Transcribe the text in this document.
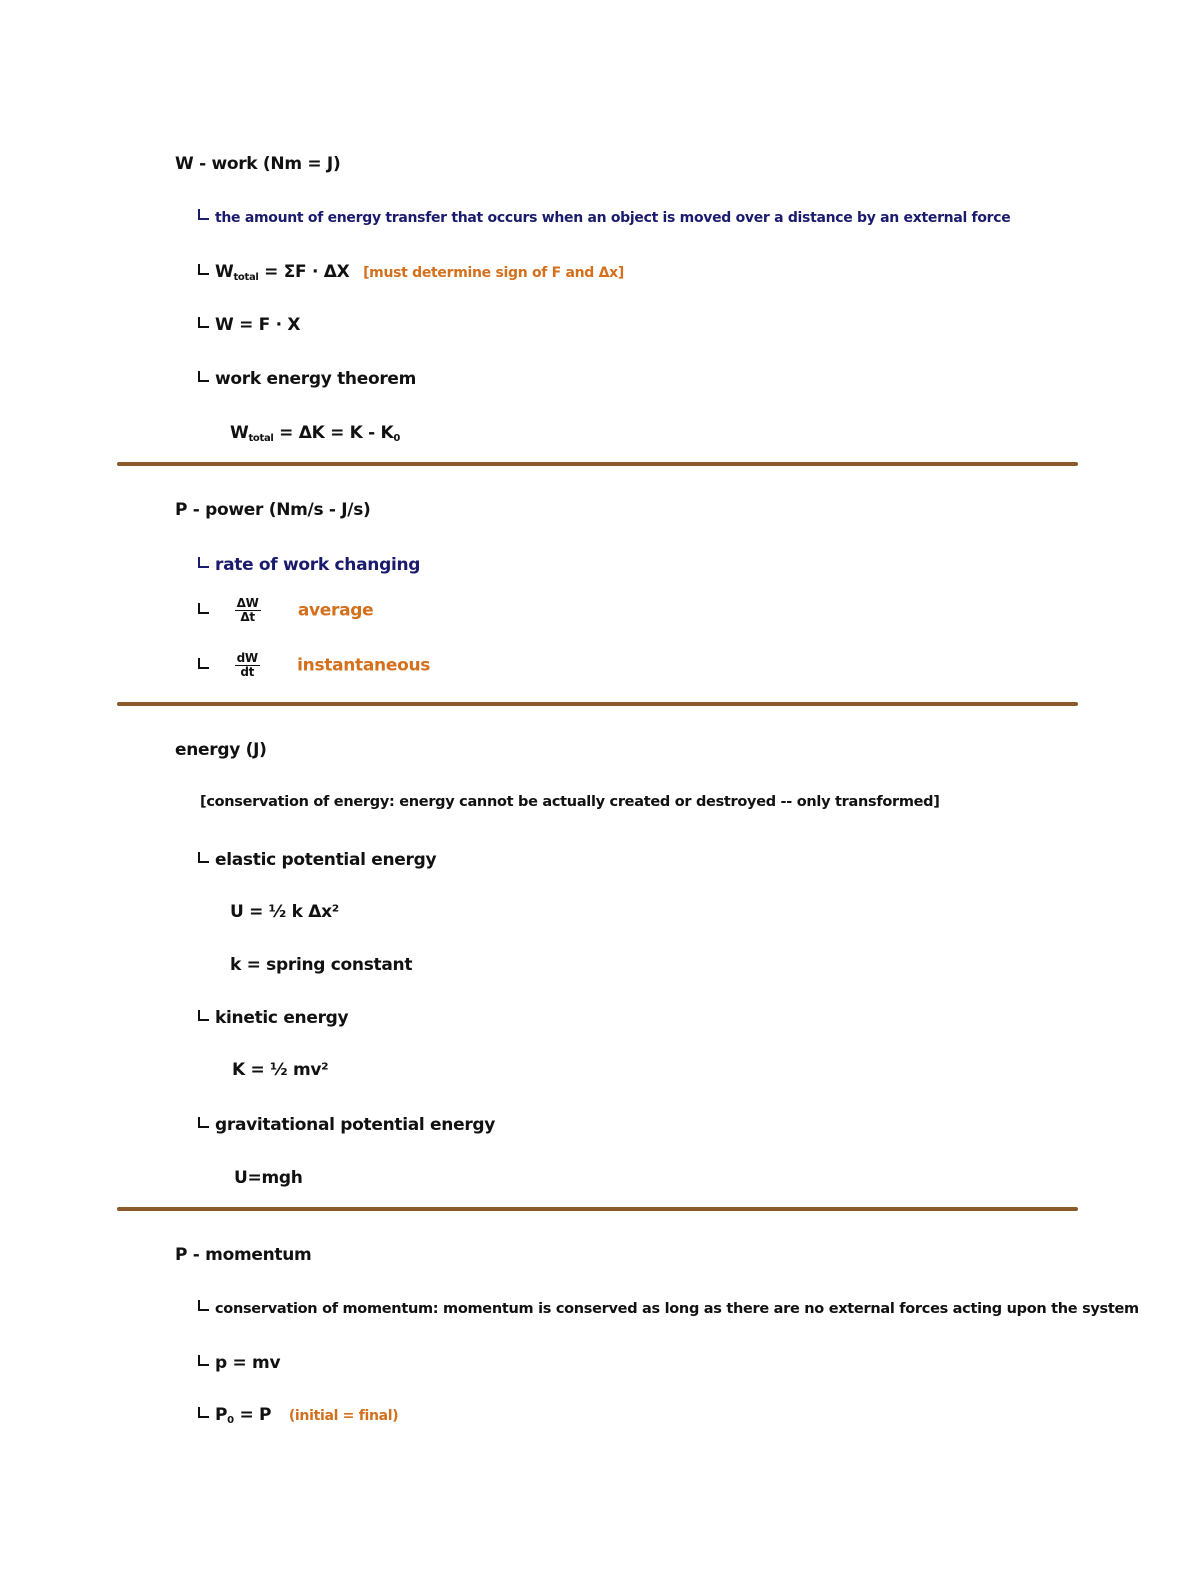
W - work (Nm = J)
the amount of energy transfer that occurs when an object is moved over a distance by an external force
$W_{total} = \Sigma F \cdot \Delta X$ [must determine sign of F and Δx]
W = F · X
work energy theorem
$W_{total} = \Delta K = K - K_0$
P - power (Nm/s - J/s)
rate of work changing

$\frac{\Delta W}{\Delta t}$ average

$\frac{dW}{dt}$ instantaneous
energy (J)
[conservation of energy: energy cannot be actually created or destroyed -- only transformed]
elastic potential energy
U = ½ k Δx²
k = spring constant
kinetic energy
K = ½ mv²
gravitational potential energy
U=mgh
P - momentum
conservation of momentum: momentum is conserved as long as there are no external forces acting upon the system
p = mv
$P_0 = P$ (initial = final)
